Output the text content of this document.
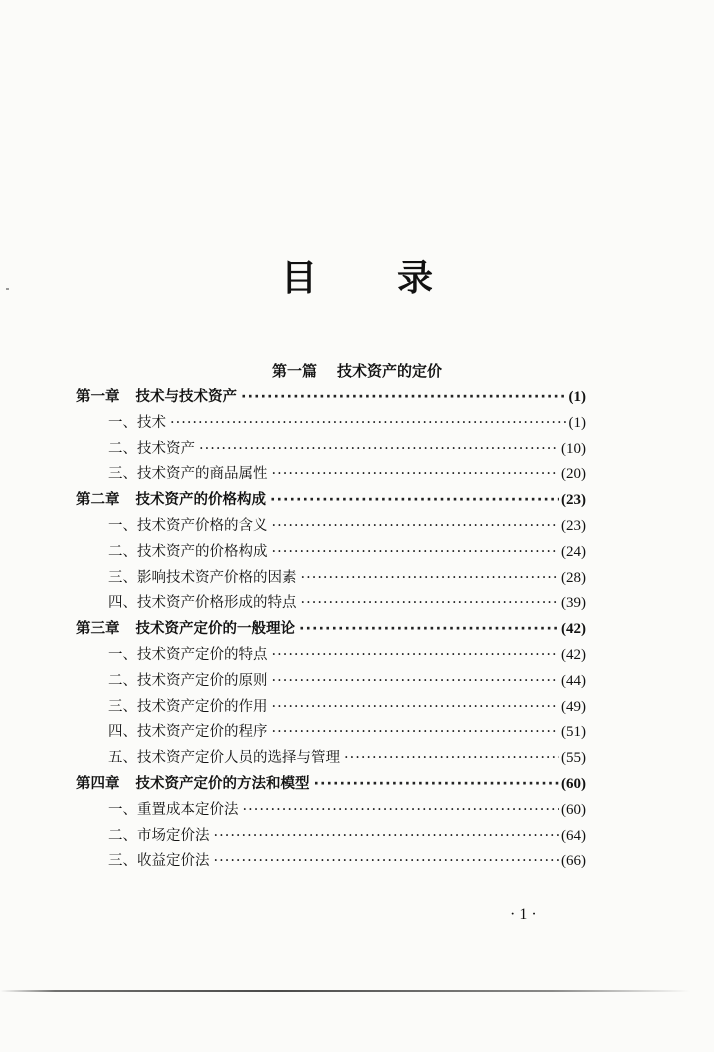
目 录
第一篇 技术资产的定价
第一章 技术与技术资产 ·····	(1)
一、技术 ·····	(1)
二、技术资产 ·····	(10)
三、技术资产的商品属性 ·····	(20)
第二章 技术资产的价格构成 ·····	(23)
一、技术资产价格的含义 ·····	(23)
二、技术资产的价格构成 ·····	(24)
三、影响技术资产价格的因素 ·····	(28)
四、技术资产价格形成的特点 ·····	(39)
第三章 技术资产定价的一般理论 ·····	(42)
一、技术资产定价的特点 ·····	(42)
二、技术资产定价的原则 ·····	(44)
三、技术资产定价的作用 ·····	(49)
四、技术资产定价的程序 ·····	(51)
五、技术资产定价人员的选择与管理 ·····	(55)
第四章 技术资产定价的方法和模型 ·····	(60)
一、重置成本定价法 ·····	(60)
二、市场定价法 ·····	(64)
三、收益定价法 ·····	(66)
·1·
